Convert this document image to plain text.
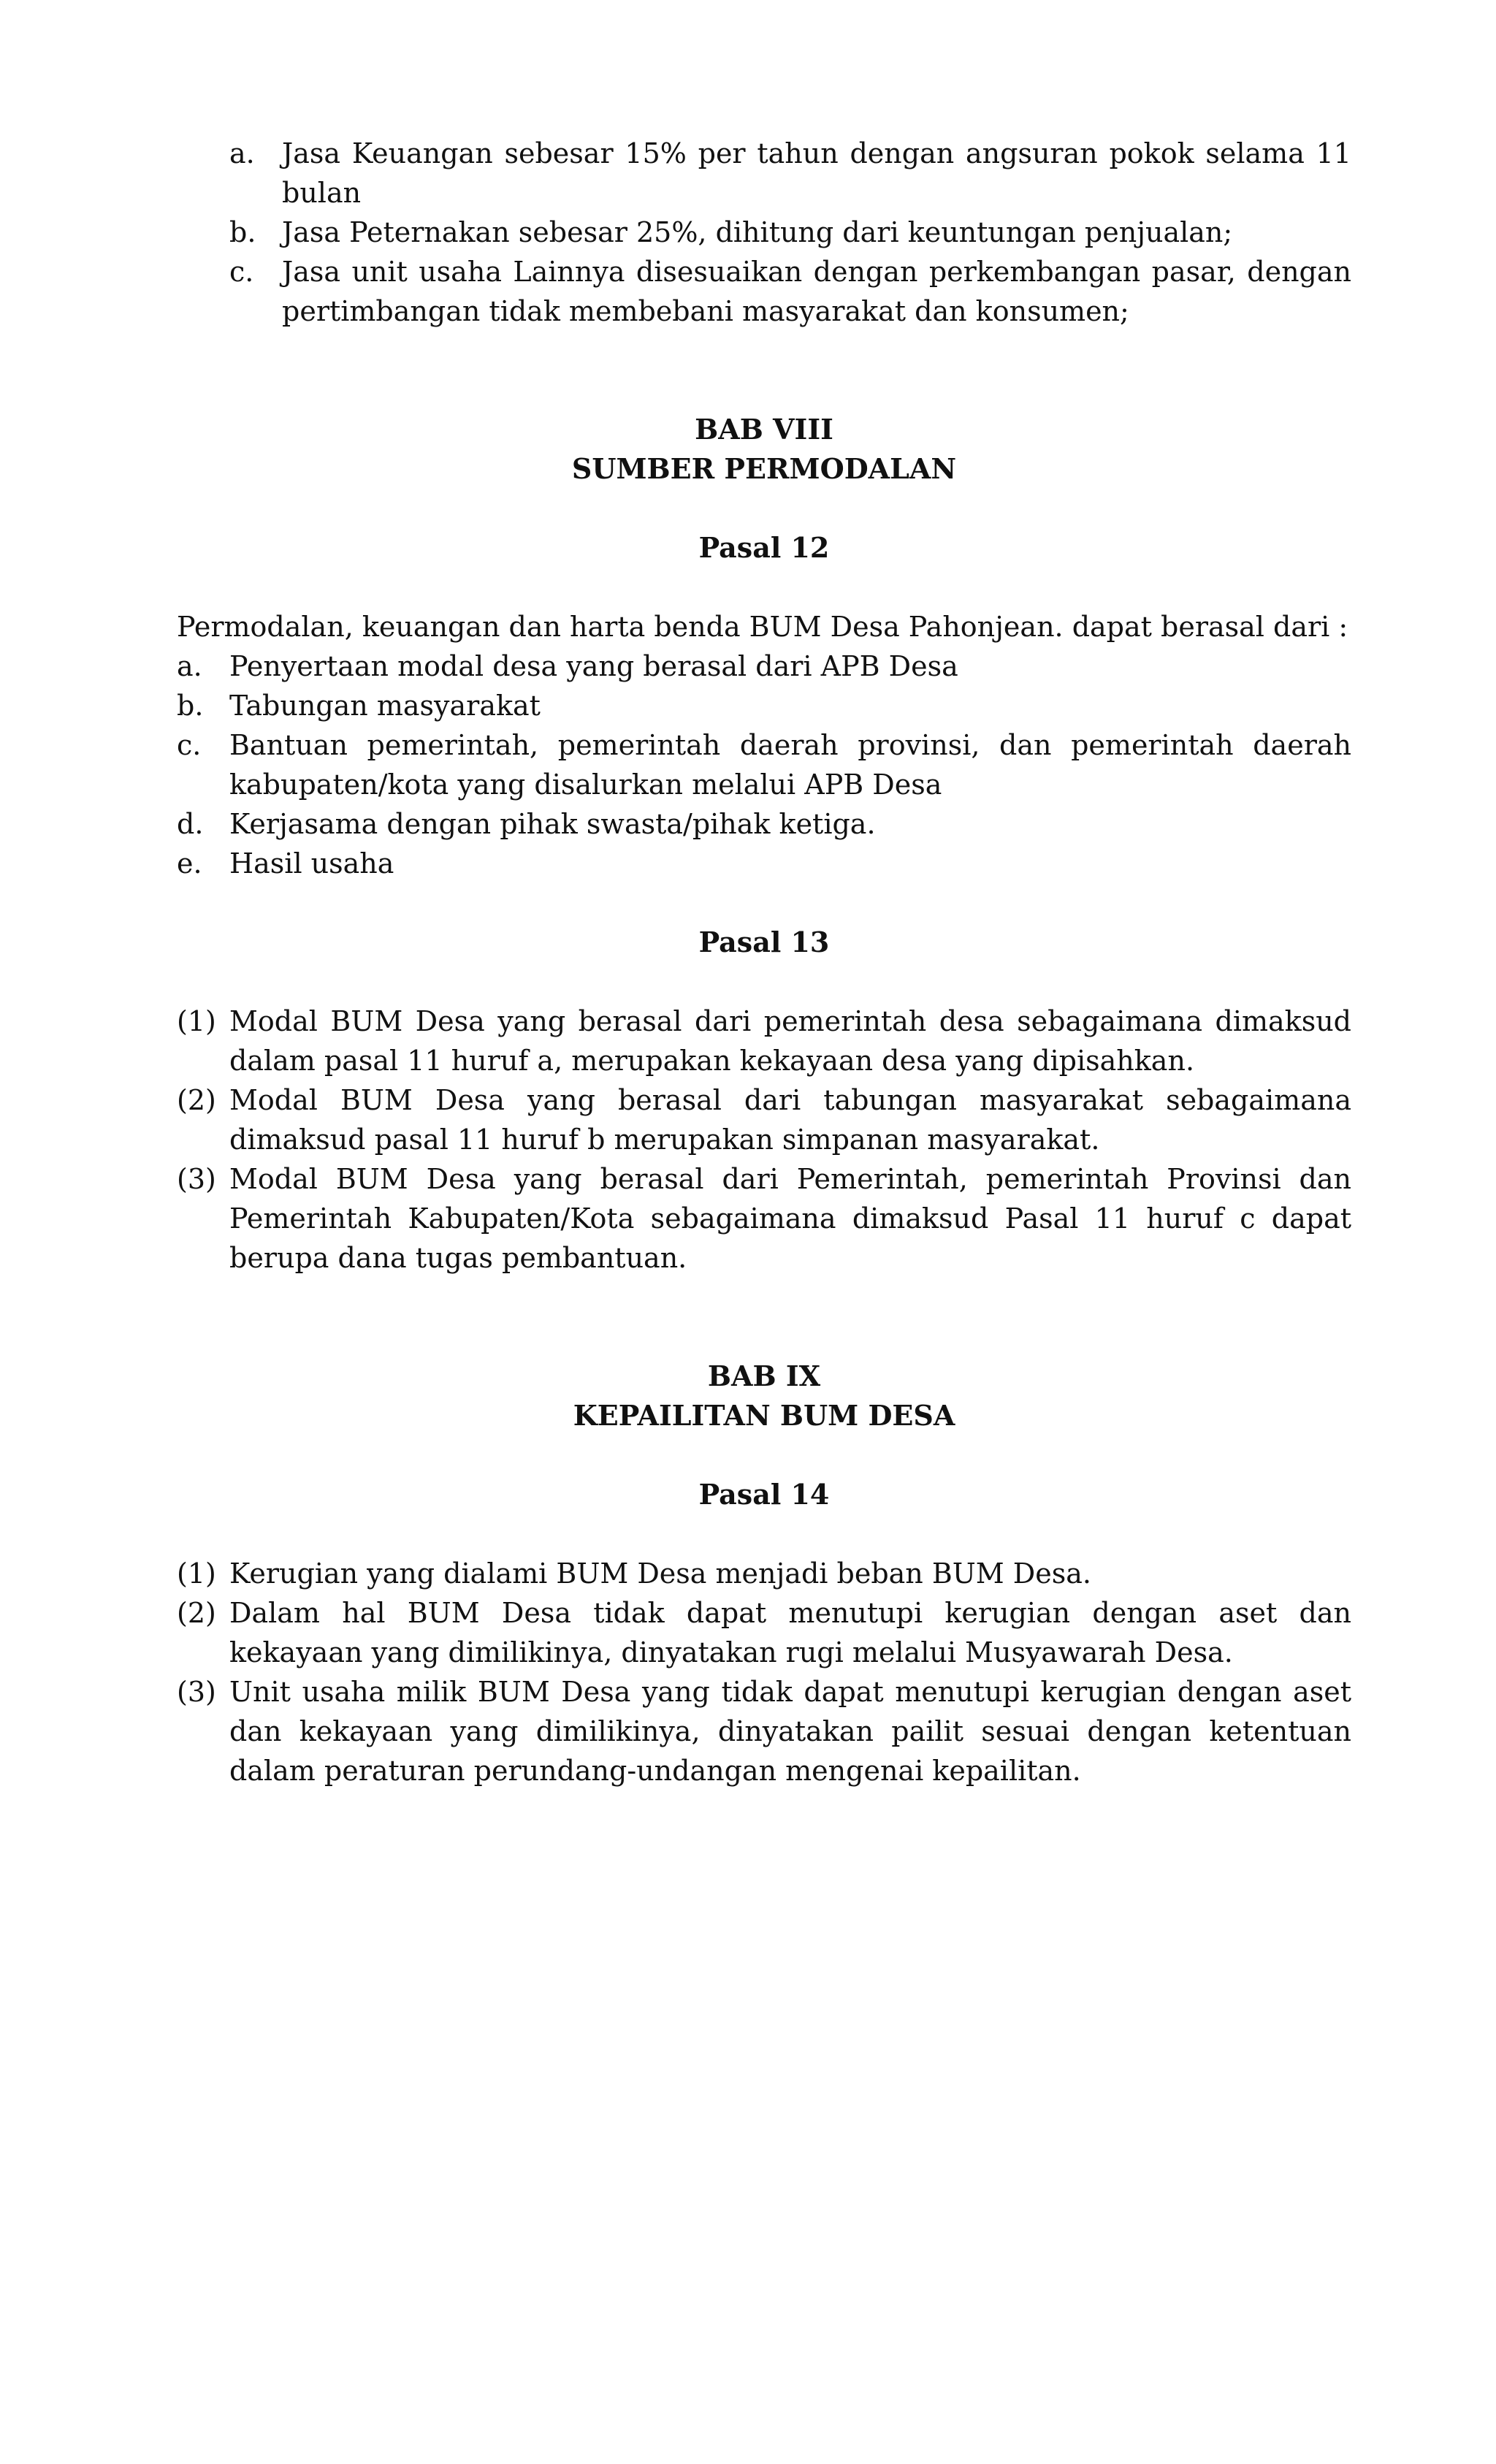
a. Jasa Keuangan sebesar 15% per tahun dengan angsuran pokok selama 11 bulan
b. Jasa Peternakan sebesar 25%, dihitung dari keuntungan penjualan;
c.	Jasa unit usaha Lainnya disesuaikan dengan perkembangan pasar, dengan pertimbangan tidak membebani masyarakat dan konsumen;

BAB VIII

SUMBER PERMODALAN

Pasal 12

Permodalan, keuangan dan harta benda BUM Desa Pahonjean. dapat berasal dari :

a. Penyertaan modal desa yang berasal dari APB Desa
b. Tabungan masyarakat
c.	Bantuan pemerintah, pemerintah daerah provinsi, dan pemerintah daerah kabupaten/kota yang disalurkan melalui APB Desa
d. Kerjasama dengan pihak swasta/pihak ketiga.
e. Hasil usaha

Pasal 13

(1) Modal BUM Desa yang berasal dari pemerintah desa sebagaimana dimaksud dalam pasal 11 huruf a, merupakan kekayaan desa yang dipisahkan.
(2) Modal BUM Desa yang berasal dari tabungan masyarakat sebagaimana dimaksud pasal 11 huruf b merupakan simpanan masyarakat.
(3) Modal BUM Desa yang berasal dari Pemerintah, pemerintah Provinsi dan Pemerintah Kabupaten/Kota sebagaimana dimaksud Pasal 11 huruf c dapat berupa dana tugas pembantuan.

BAB IX

KEPAILITAN BUM DESA

Pasal 14

(1) Kerugian yang dialami BUM Desa menjadi beban BUM Desa.
(2) Dalam hal BUM Desa tidak dapat menutupi kerugian dengan aset dan kekayaan yang dimilikinya, dinyatakan rugi melalui Musyawarah Desa.
(3) Unit usaha milik BUM Desa yang tidak dapat menutupi kerugian dengan aset dan kekayaan yang dimilikinya, dinyatakan pailit sesuai dengan ketentuan dalam peraturan perundang-undangan mengenai kepailitan.
